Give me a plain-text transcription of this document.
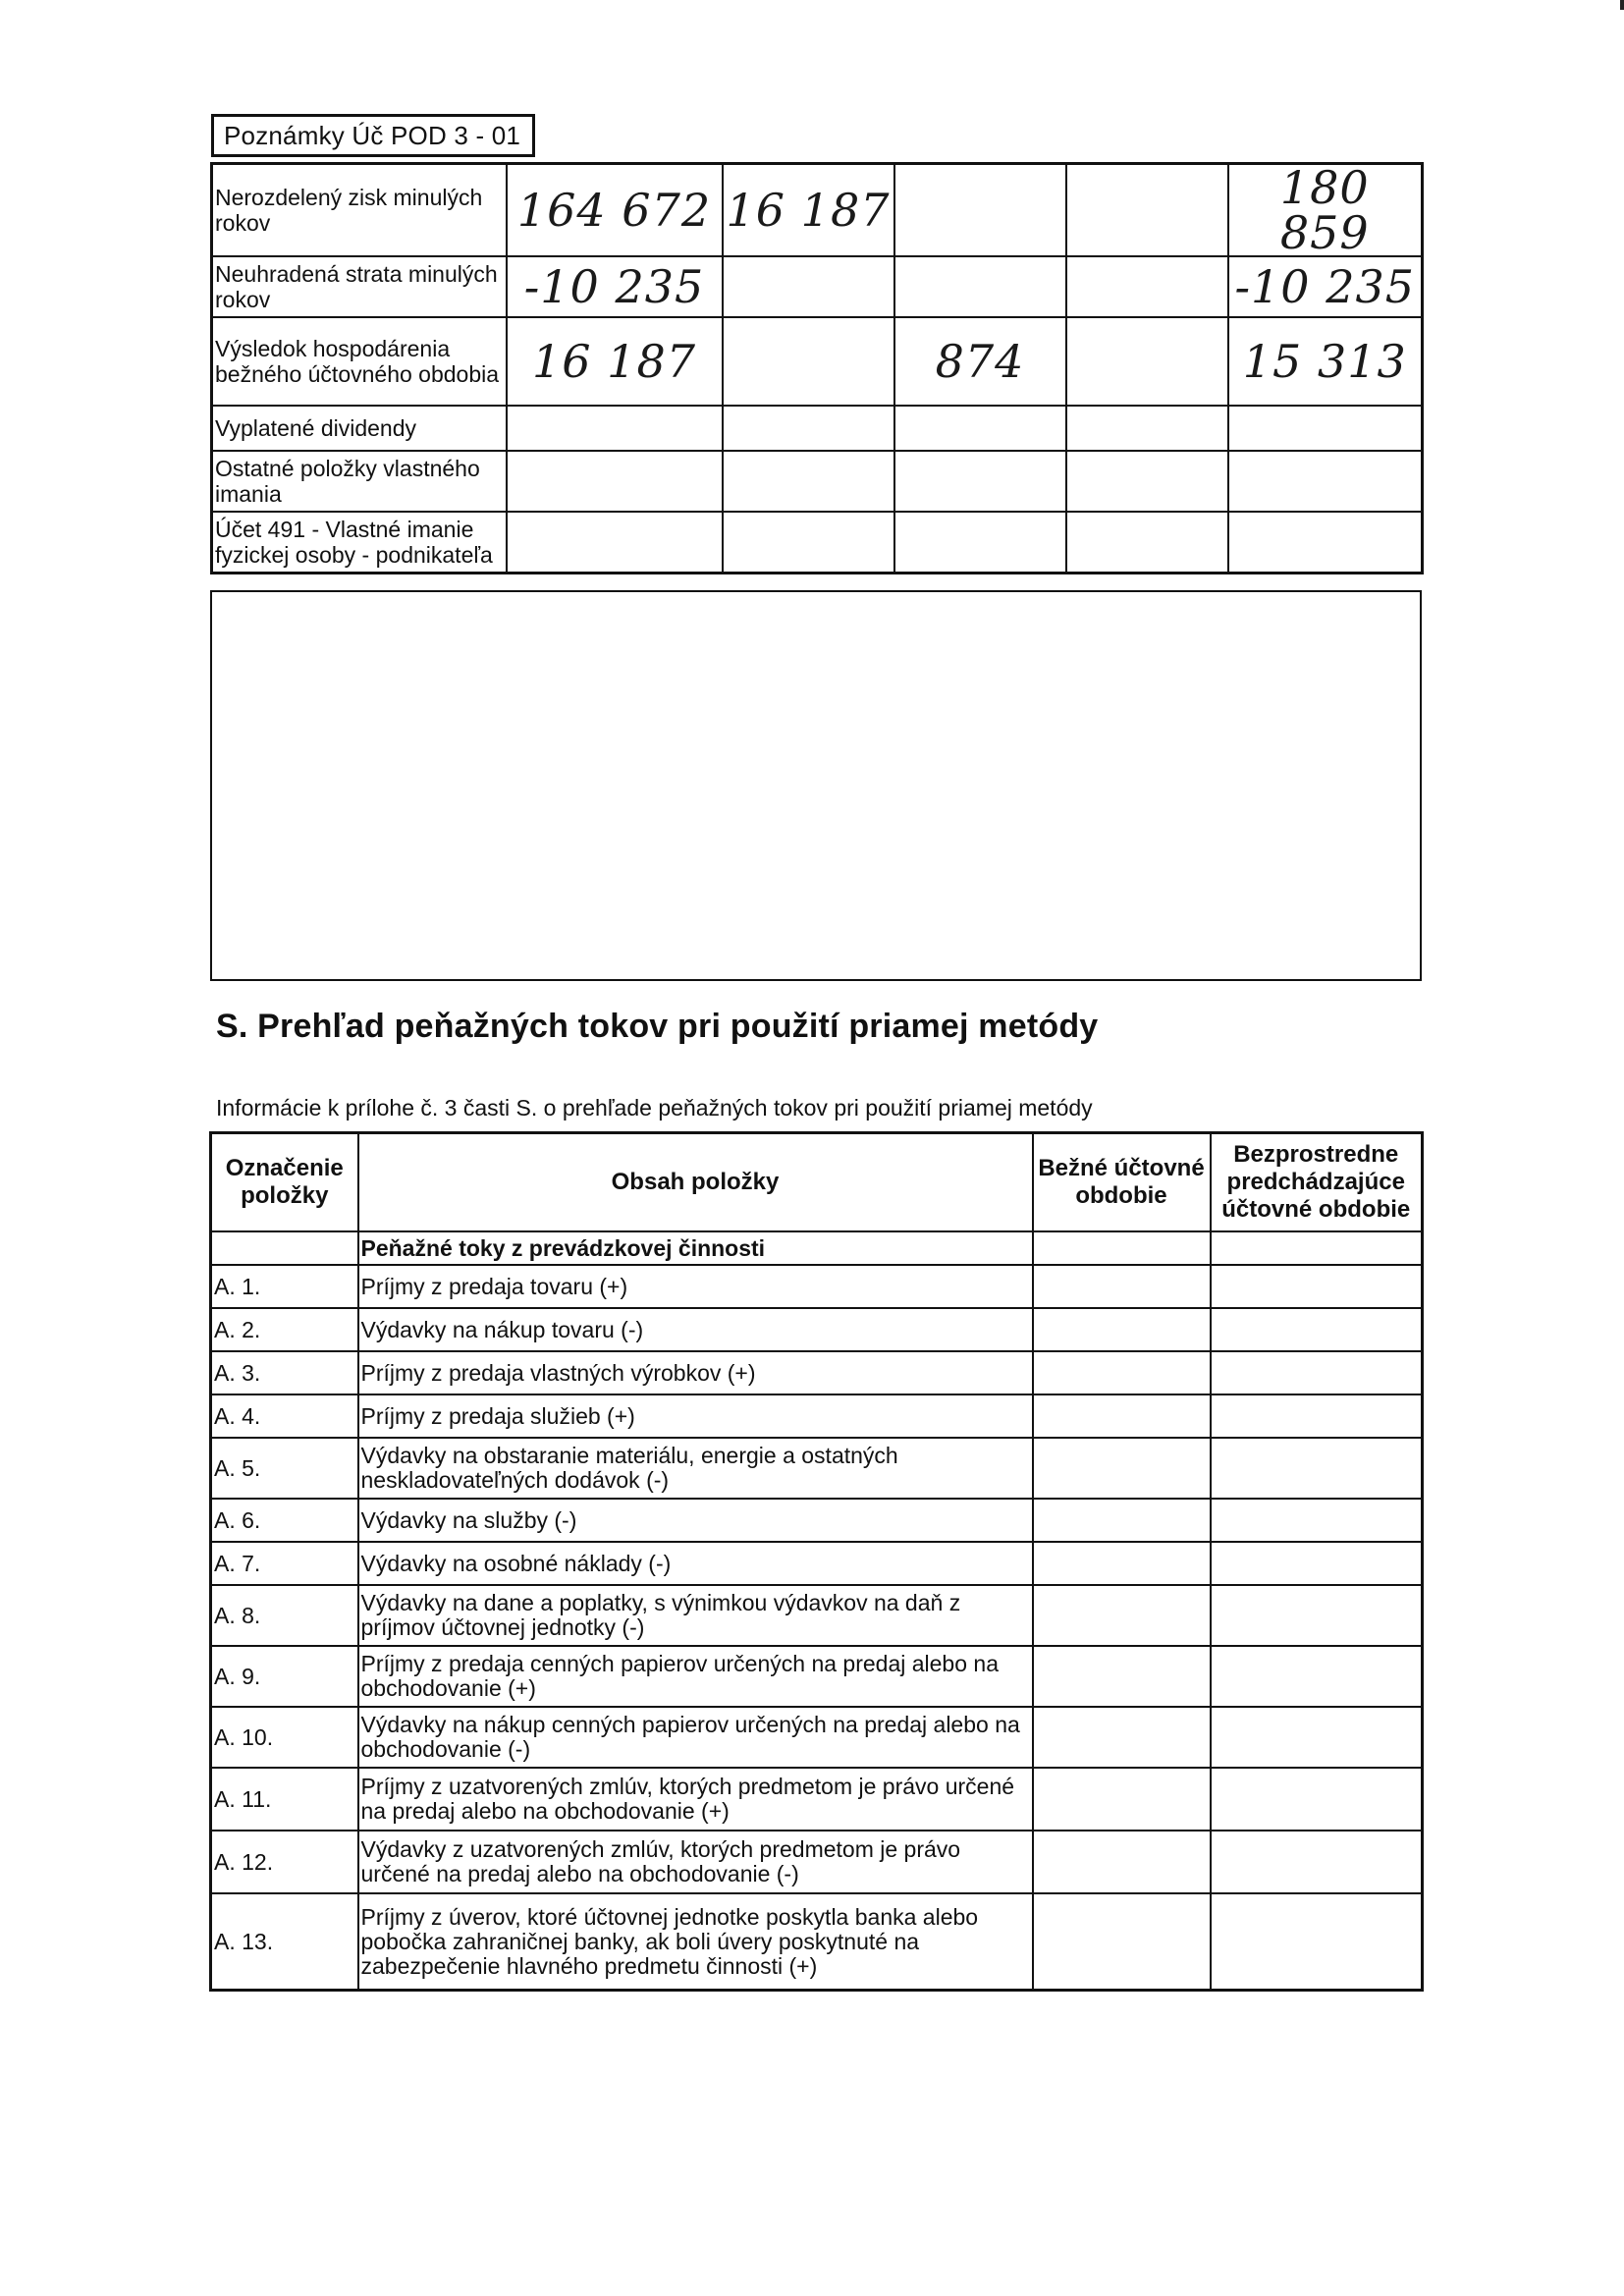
Poznámky Úč POD 3 - 01
Nerozdelený zisk minulých rokov	164 672	16 187			180 859
Neuhradená strata minulých rokov	-10 235				-10 235
Výsledok hospodárenia bežného účtovného obdobia	16 187		874		15 313
Vyplatené dividendy					
Ostatné položky vlastného imania					
Účet 491 - Vlastné imanie fyzickej osoby - podnikateľa					
S. Prehľad peňažných tokov pri použití priamej metódy
Informácie k prílohe č. 3 časti S. o prehľade peňažných tokov pri použití priamej metódy
Označenie položky	Obsah položky	Bežné účtovné obdobie	Bezprostredne predchádzajúce účtovné obdobie
	Peňažné toky z prevádzkovej činnosti		
A. 1.	Príjmy z predaja tovaru (+)		
A. 2.	Výdavky na nákup tovaru (-)		
A. 3.	Príjmy z predaja vlastných výrobkov (+)		
A. 4.	Príjmy z predaja služieb (+)		
A. 5.	Výdavky na obstaranie materiálu, energie a ostatných neskladovateľných dodávok (-)		
A. 6.	Výdavky na služby (-)		
A. 7.	Výdavky na osobné náklady (-)		
A. 8.	Výdavky na dane a poplatky, s výnimkou výdavkov na daň z príjmov účtovnej jednotky (-)		
A. 9.	Príjmy z predaja cenných papierov určených na predaj alebo na obchodovanie (+)		
A. 10.	Výdavky na nákup cenných papierov určených na predaj alebo na obchodovanie (-)		
A. 11.	Príjmy z uzatvorených zmlúv, ktorých predmetom je právo určené na predaj alebo na obchodovanie (+)		
A. 12.	Výdavky z uzatvorených zmlúv, ktorých predmetom je právo určené na predaj alebo na obchodovanie (-)		
A. 13.	Príjmy z úverov, ktoré účtovnej jednotke poskytla banka alebo pobočka zahraničnej banky, ak boli úvery poskytnuté na zabezpečenie hlavného predmetu činnosti (+)		
